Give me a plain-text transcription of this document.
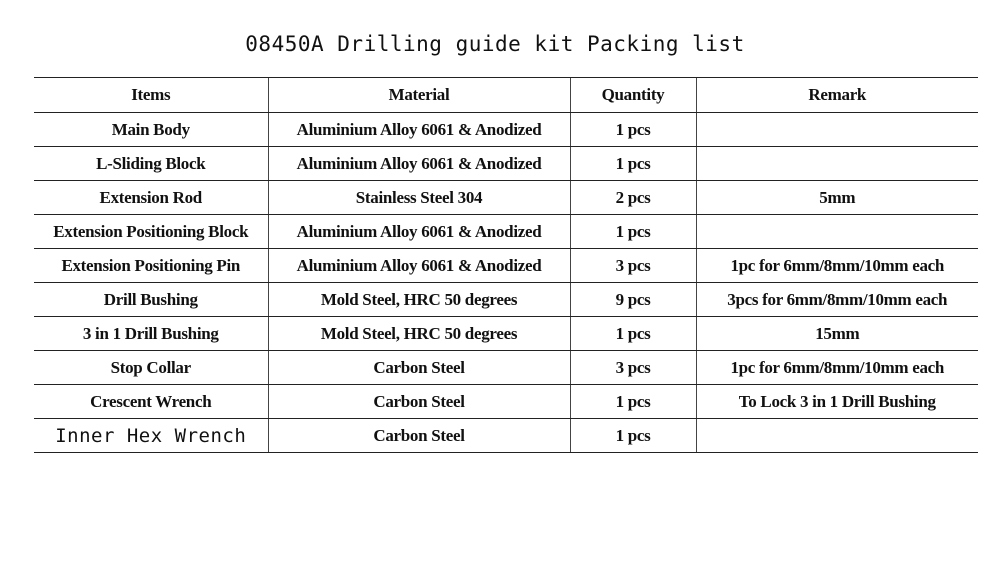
08450A Drilling guide kit Packing list
Items	Material	Quantity	Remark
Main Body	Aluminium Alloy 6061 & Anodized	1 pcs	
L-Sliding Block	Aluminium Alloy 6061 & Anodized	1 pcs	
Extension Rod	Stainless Steel 304	2 pcs	5mm
Extension Positioning Block	Aluminium Alloy 6061 & Anodized	1 pcs	
Extension Positioning Pin	Aluminium Alloy 6061 & Anodized	3 pcs	1pc for 6mm/8mm/10mm each
Drill Bushing	Mold Steel, HRC 50 degrees	9 pcs	3pcs for 6mm/8mm/10mm each
3 in 1 Drill Bushing	Mold Steel, HRC 50 degrees	1 pcs	15mm
Stop Collar	Carbon Steel	3 pcs	1pc for 6mm/8mm/10mm each
Crescent Wrench	Carbon Steel	1 pcs	To Lock 3 in 1 Drill Bushing
Inner Hex Wrench	Carbon Steel	1 pcs	
